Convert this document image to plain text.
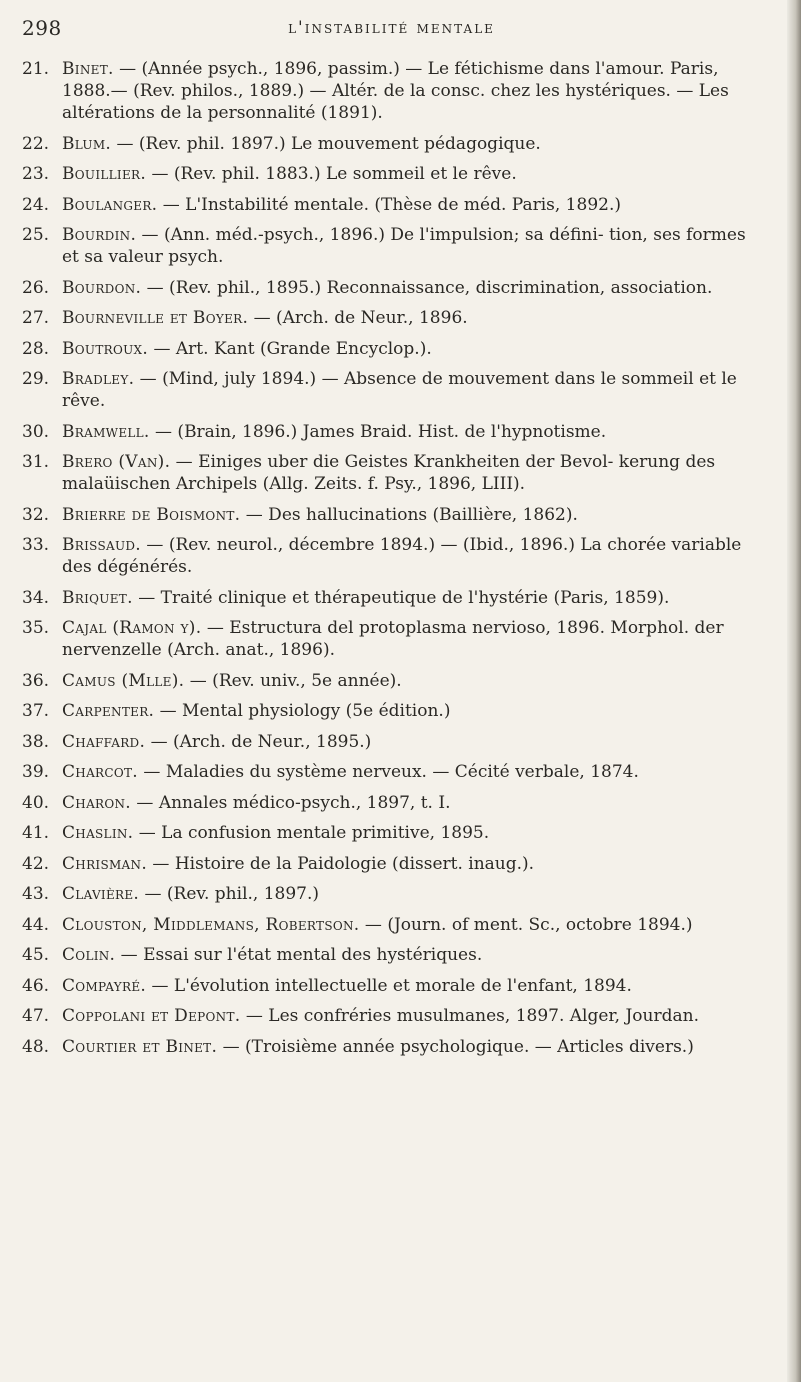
298	l'instabilité mentale
21. Binet. — (Année psych., 1896, passim.) — Le fétichisme dans l'amour. Paris, 1888.— (Rev. philos., 1889.) — Altér. de la consc. chez les hystériques. — Les altérations de la personnalité (1891).
22. Blum. — (Rev. phil. 1897.) Le mouvement pédagogique.
23. Bouillier. — (Rev. phil. 1883.) Le sommeil et le rêve.
24. Boulanger. — L'Instabilité mentale. (Thèse de méd. Paris, 1892.)
25. Bourdin. — (Ann. méd.-psych., 1896.) De l'impulsion; sa défini- tion, ses formes et sa valeur psych.
26. Bourdon. — (Rev. phil., 1895.) Reconnaissance, discrimination, association.
27. Bourneville et Boyer. — (Arch. de Neur., 1896.
28. Boutroux. — Art. Kant (Grande Encyclop.).
29. Bradley. — (Mind, july 1894.) — Absence de mouvement dans le sommeil et le rêve.
30. Bramwell. — (Brain, 1896.) James Braid. Hist. de l'hypnotisme.
31. Brero (Van). — Einiges uber die Geistes Krankheiten der Bevol- kerung des malaüischen Archipels (Allg. Zeits. f. Psy., 1896, LIII).
32. Brierre de Boismont. — Des hallucinations (Baillière, 1862).
33. Brissaud. — (Rev. neurol., décembre 1894.) — (Ibid., 1896.) La chorée variable des dégénérés.
34. Briquet. — Traité clinique et thérapeutique de l'hystérie (Paris, 1859).
35. Cajal (Ramon y). — Estructura del protoplasma nervioso, 1896. Morphol. der nervenzelle (Arch. anat., 1896).
36. Camus (Mlle). — (Rev. univ., 5e année).
37. Carpenter. — Mental physiology (5e édition.)
38. Chaffard. — (Arch. de Neur., 1895.)
39. Charcot. — Maladies du système nerveux. — Cécité verbale, 1874.
40. Charon. — Annales médico-psych., 1897, t. I.
41. Chaslin. — La confusion mentale primitive, 1895.
42. Chrisman. — Histoire de la Paidologie (dissert. inaug.).
43. Clavière. — (Rev. phil., 1897.)
44. Clouston, Middlemans, Robertson. — (Journ. of ment. Sc., octobre 1894.)
45. Colin. — Essai sur l'état mental des hystériques.
46. Compayré. — L'évolution intellectuelle et morale de l'enfant, 1894.
47. Coppolani et Depont. — Les confréries musulmanes, 1897. Alger, Jourdan.
48. Courtier et Binet. — (Troisième année psychologique. — Articles divers.)
